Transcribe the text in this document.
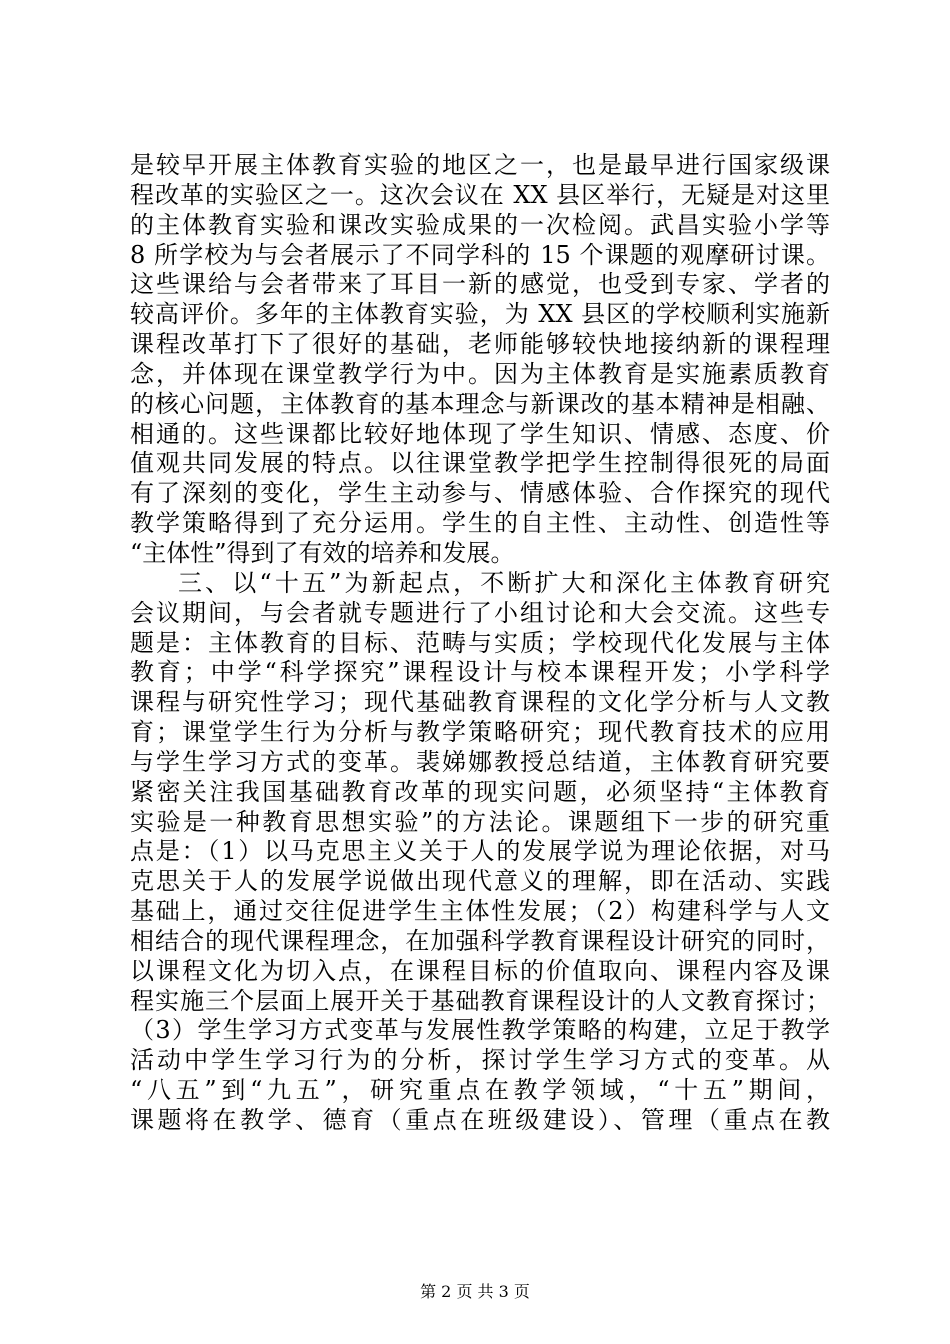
是较早开展主体教育实验的地区之一，也是最早进行国家级课
程改革的实验区之一。这次会议在 XX 县区举行，无疑是对这里
的主体教育实验和课改实验成果的一次检阅。武昌实验小学等
8 所学校为与会者展示了不同学科的 15 个课题的观摩研讨课。
这些课给与会者带来了耳目一新的感觉，也受到专家、学者的
较高评价。多年的主体教育实验，为 XX 县区的学校顺利实施新
课程改革打下了很好的基础，老师能够较快地接纳新的课程理
念，并体现在课堂教学行为中。因为主体教育是实施素质教育
的核心问题，主体教育的基本理念与新课改的基本精神是相融、
相通的。这些课都比较好地体现了学生知识、情感、态度、价
值观共同发展的特点。以往课堂教学把学生控制得很死的局面
有了深刻的变化，学生主动参与、情感体验、合作探究的现代
教学策略得到了充分运用。学生的自主性、主动性、创造性等
“主体性”得到了有效的培养和发展。
三、以“十五”为新起点，不断扩大和深化主体教育研究
会议期间，与会者就专题进行了小组讨论和大会交流。这些专
题是：主体教育的目标、范畴与实质；学校现代化发展与主体
教育；中学“科学探究”课程设计与校本课程开发；小学科学
课程与研究性学习；现代基础教育课程的文化学分析与人文教
育；课堂学生行为分析与教学策略研究；现代教育技术的应用
与学生学习方式的变革。裴娣娜教授总结道，主体教育研究要
紧密关注我国基础教育改革的现实问题，必须坚持“主体教育
实验是一种教育思想实验”的方法论。课题组下一步的研究重
点是：（1）以马克思主义关于人的发展学说为理论依据，对马
克思关于人的发展学说做出现代意义的理解，即在活动、实践
基础上，通过交往促进学生主体性发展；（2）构建科学与人文
相结合的现代课程理念，在加强科学教育课程设计研究的同时，
以课程文化为切入点，在课程目标的价值取向、课程内容及课
程实施三个层面上展开关于基础教育课程设计的人文教育探讨；
（3）学生学习方式变革与发展性教学策略的构建，立足于教学
活动中学生学习行为的分析，探讨学生学习方式的变革。从
“八五”到“九五”，研究重点在教学领域，“十五”期间，
课题将在教学、德育（重点在班级建设）、管理（重点在教
第 2 页 共 3 页
